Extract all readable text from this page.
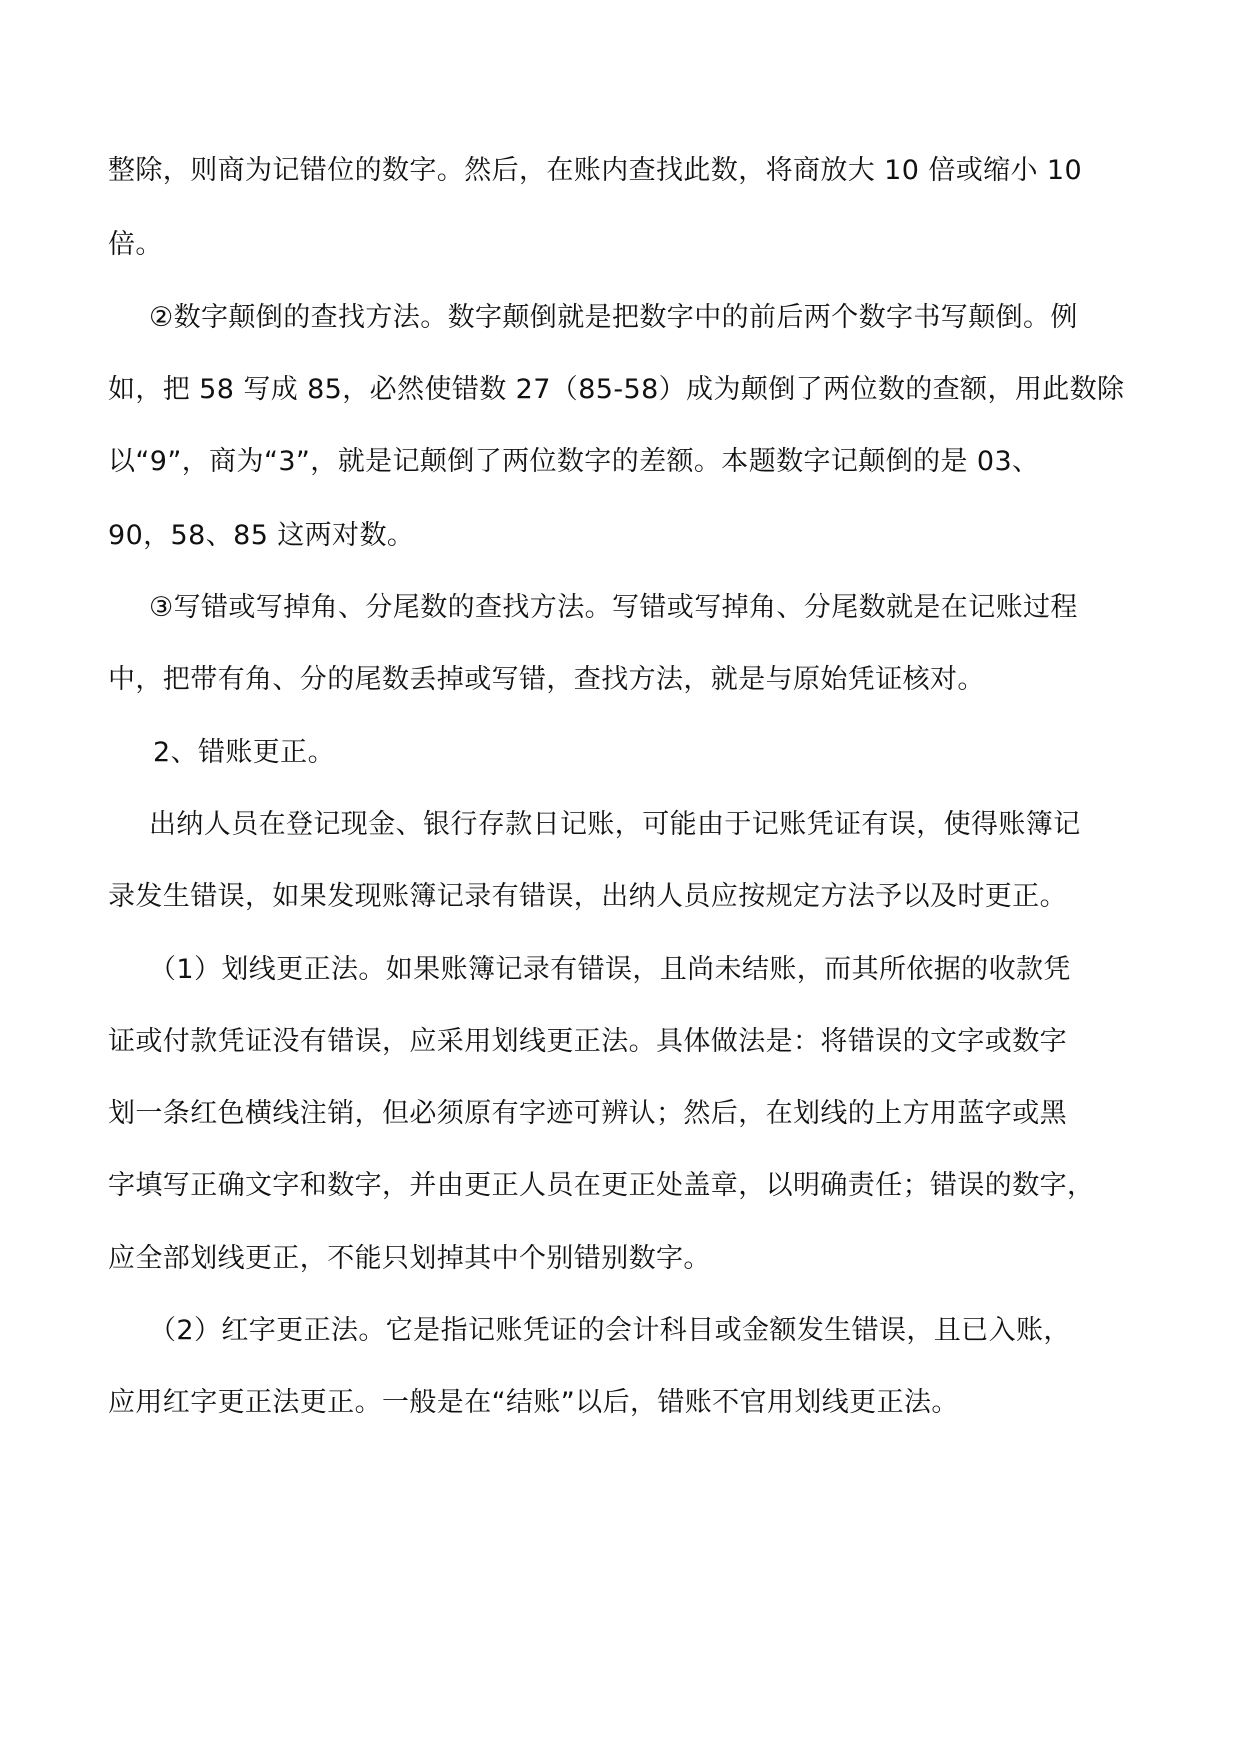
整除，则商为记错位的数字。然后，在账内查找此数，将商放大 10 倍或缩小 10
倍。
②数字颠倒的查找方法。数字颠倒就是把数字中的前后两个数字书写颠倒。例
如，把 58 写成 85，必然使错数 27（85-58）成为颠倒了两位数的查额，用此数除
以“9”，商为“3”，就是记颠倒了两位数字的差额。本题数字记颠倒的是 03、
90，58、85 这两对数。
③写错或写掉角、分尾数的查找方法。写错或写掉角、分尾数就是在记账过程
中，把带有角、分的尾数丢掉或写错，查找方法，就是与原始凭证核对。
2、错账更正。
出纳人员在登记现金、银行存款日记账，可能由于记账凭证有误，使得账簿记
录发生错误，如果发现账簿记录有错误，出纳人员应按规定方法予以及时更正。
（1）划线更正法。如果账簿记录有错误，且尚未结账，而其所依据的收款凭
证或付款凭证没有错误，应采用划线更正法。具体做法是：将错误的文字或数字
划一条红色横线注销，但必须原有字迹可辨认；然后，在划线的上方用蓝字或黑
字填写正确文字和数字，并由更正人员在更正处盖章，以明确责任；错误的数字，
应全部划线更正，不能只划掉其中个别错别数字。
（2）红字更正法。它是指记账凭证的会计科目或金额发生错误，且已入账，
应用红字更正法更正。一般是在“结账”以后，错账不官用划线更正法。
